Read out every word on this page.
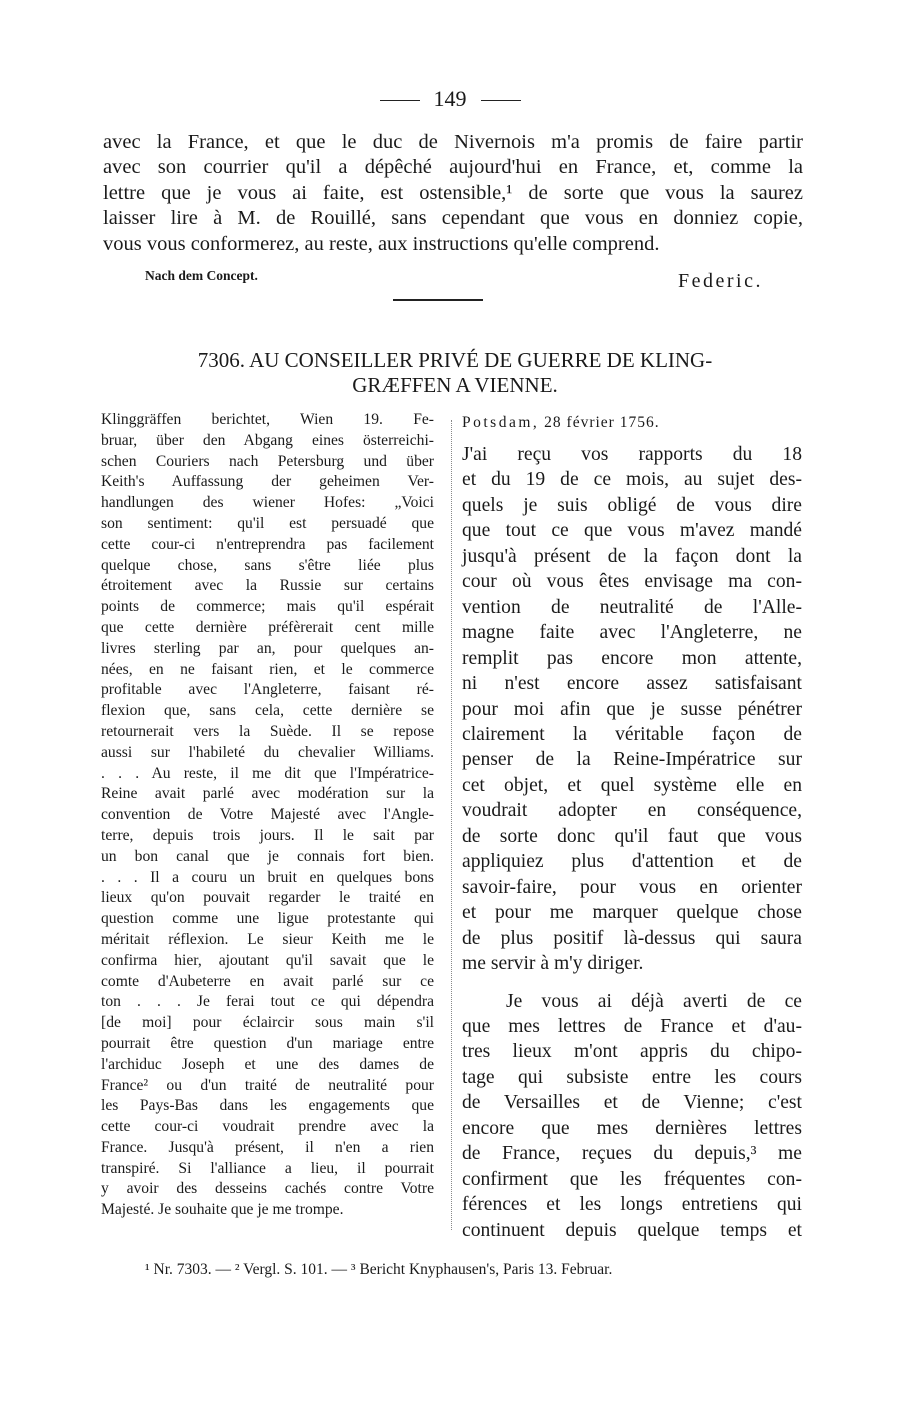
149
avec la France, et que le duc de Nivernois m'a promis de faire partir
avec son courrier qu'il a dépêché aujourd'hui en France, et, comme la
lettre que je vous ai faite, est ostensible,¹ de sorte que vous la saurez
laisser lire à M. de Rouillé, sans cependant que vous en donniez copie,
vous vous conformerez, au reste, aux instructions qu'elle comprend.
Nach dem Concept.	Federic.
7306. AU CONSEILLER PRIVÉ DE GUERRE DE KLING-
GRÆFFEN A VIENNE.
Klinggräffen berichtet, Wien 19. Fe-
bruar, über den Abgang eines österreichi-
schen Couriers nach Petersburg und über
Keith's Auffassung der geheimen Ver-
handlungen des wiener Hofes: „Voici
son sentiment: qu'il est persuadé que
cette cour-ci n'entreprendra pas facilement
quelque chose, sans s'être liée plus
étroitement avec la Russie sur certains
points de commerce; mais qu'il espérait
que cette dernière préfèrerait cent mille
livres sterling par an, pour quelques an-
nées, en ne faisant rien, et le commerce
profitable avec l'Angleterre, faisant ré-
flexion que, sans cela, cette dernière se
retournerait vers la Suède. Il se repose
aussi sur l'habileté du chevalier Williams.
. . . Au reste, il me dit que l'Impératrice-
Reine avait parlé avec modération sur la
convention de Votre Majesté avec l'Angle-
terre, depuis trois jours. Il le sait par
un bon canal que je connais fort bien.
. . . Il a couru un bruit en quelques bons
lieux qu'on pouvait regarder le traité en
question comme une ligue protestante qui
méritait réflexion. Le sieur Keith me le
confirma hier, ajoutant qu'il savait que le
comte d'Aubeterre en avait parlé sur ce
ton . . . Je ferai tout ce qui dépendra
[de moi] pour éclaircir sous main s'il
pourrait être question d'un mariage entre
l'archiduc Joseph et une des dames de
France² ou d'un traité de neutralité pour
les Pays-Bas dans les engagements que
cette cour-ci voudrait prendre avec la
France. Jusqu'à présent, il n'en a rien
transpiré. Si l'alliance a lieu, il pourrait
y avoir des desseins cachés contre Votre
Majesté. Je souhaite que je me trompe.
Potsdam, 28 février 1756.
J'ai reçu vos rapports du 18
et du 19 de ce mois, au sujet des-
quels je suis obligé de vous dire
que tout ce que vous m'avez mandé
jusqu'à présent de la façon dont la
cour où vous êtes envisage ma con-
vention de neutralité de l'Alle-
magne faite avec l'Angleterre, ne
remplit pas encore mon attente,
ni n'est encore assez satisfaisant
pour moi afin que je susse pénétrer
clairement la véritable façon de
penser de la Reine-Impératrice sur
cet objet, et quel système elle en
voudrait adopter en conséquence,
de sorte donc qu'il faut que vous
appliquiez plus d'attention et de
savoir-faire, pour vous en orienter
et pour me marquer quelque chose
de plus positif là-dessus qui saura
me servir à m'y diriger.
Je vous ai déjà averti de ce
que mes lettres de France et d'au-
tres lieux m'ont appris du chipo-
tage qui subsiste entre les cours
de Versailles et de Vienne; c'est
encore que mes dernières lettres
de France, reçues du depuis,³ me
confirment que les fréquentes con-
férences et les longs entretiens qui
continuent depuis quelque temps et
¹ Nr. 7303. — ² Vergl. S. 101. — ³ Bericht Knyphausen's, Paris 13. Februar.
